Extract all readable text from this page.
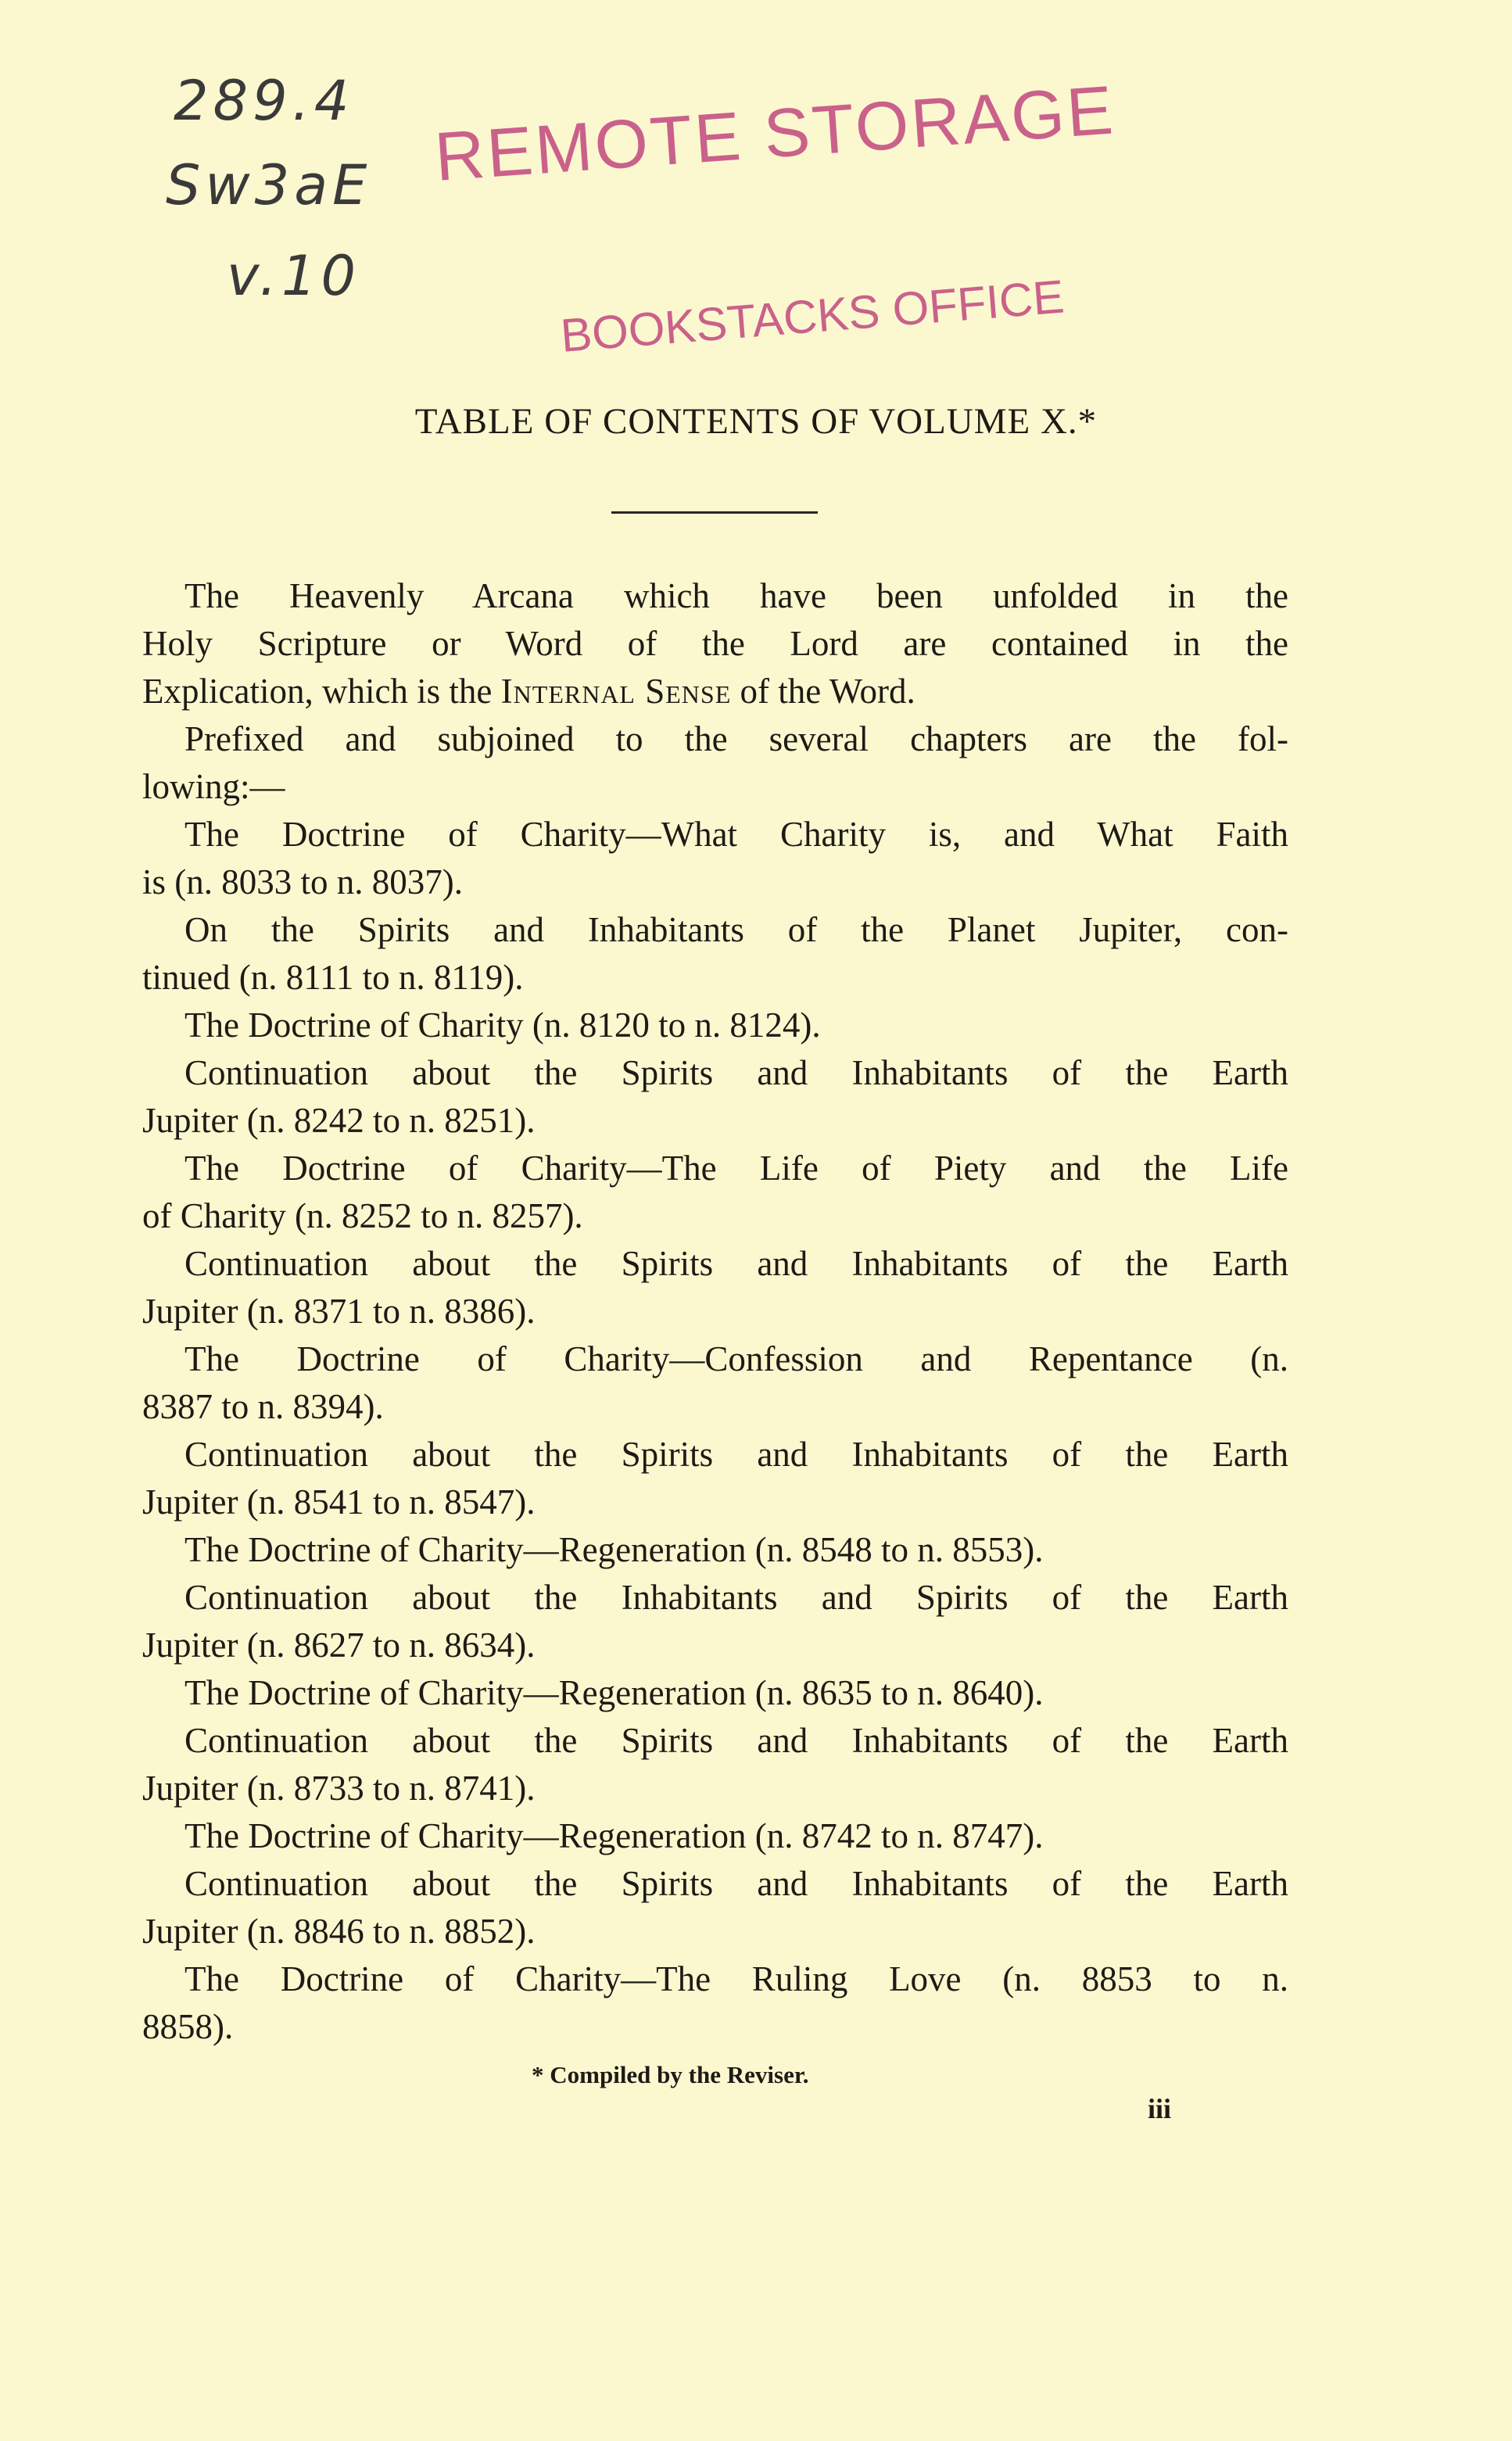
289.4
Sw3aE
v.10
REMOTE STORAGE
BOOKSTACKS OFFICE
TABLE OF CONTENTS OF VOLUME X.*
The Heavenly Arcana which have been unfolded in the
Holy Scripture or Word of the Lord are contained in the
Explication, which is the Internal Sense of the Word.
Prefixed and subjoined to the several chapters are the fol-
lowing:—
The Doctrine of Charity—What Charity is, and What Faith
is (n. 8033 to n. 8037).
On the Spirits and Inhabitants of the Planet Jupiter, con-
tinued (n. 8111 to n. 8119).
The Doctrine of Charity (n. 8120 to n. 8124).
Continuation about the Spirits and Inhabitants of the Earth
Jupiter (n. 8242 to n. 8251).
The Doctrine of Charity—The Life of Piety and the Life
of Charity (n. 8252 to n. 8257).
Continuation about the Spirits and Inhabitants of the Earth
Jupiter (n. 8371 to n. 8386).
The Doctrine of Charity—Confession and Repentance (n.
8387 to n. 8394).
Continuation about the Spirits and Inhabitants of the Earth
Jupiter (n. 8541 to n. 8547).
The Doctrine of Charity—Regeneration (n. 8548 to n. 8553).
Continuation about the Inhabitants and Spirits of the Earth
Jupiter (n. 8627 to n. 8634).
The Doctrine of Charity—Regeneration (n. 8635 to n. 8640).
Continuation about the Spirits and Inhabitants of the Earth
Jupiter (n. 8733 to n. 8741).
The Doctrine of Charity—Regeneration (n. 8742 to n. 8747).
Continuation about the Spirits and Inhabitants of the Earth
Jupiter (n. 8846 to n. 8852).
The Doctrine of Charity—The Ruling Love (n. 8853 to n.
8858).
* Compiled by the Reviser.
iii
